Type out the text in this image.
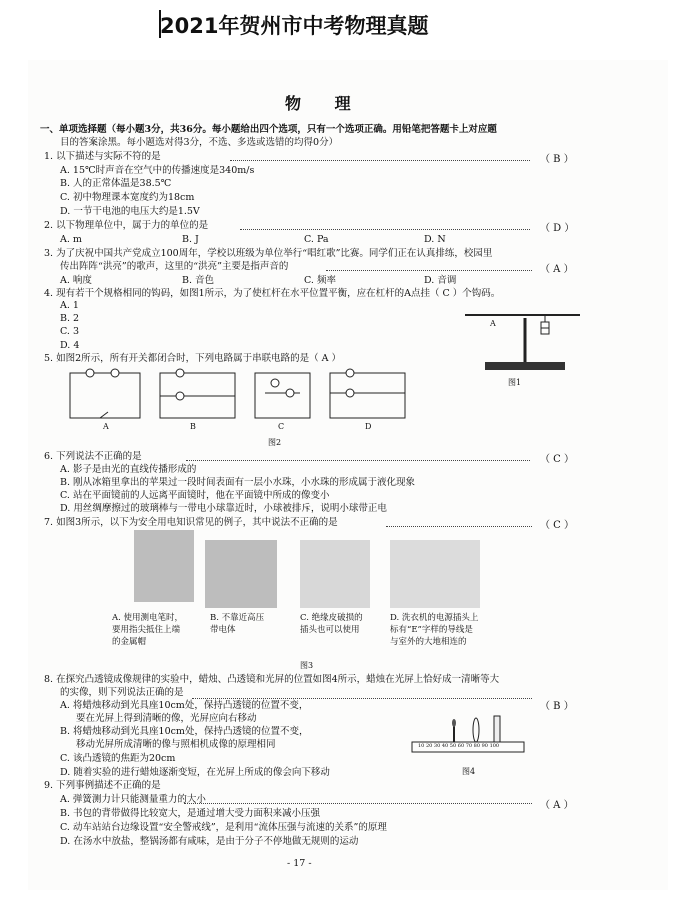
2021年贺州市中考物理真题
物 理
一、单项选择题（每小题3分，共36分。每小题给出四个选项，只有一个选项正确。用铅笔把答题卡上对应题
目的答案涂黑。每小题选对得3分，不选、多选或选错的均得0分）
1. 以下描述与实际不符的是	（ B ）
A. 15℃时声音在空气中的传播速度是340m/s
B. 人的正常体温是38.5℃
C. 初中物理课本宽度约为18cm
D. 一节干电池的电压大约是1.5V
2. 以下物理单位中，属于力的单位的是	（ D ）
A. m	B. J	C. Pa	D. N
3. 为了庆祝中国共产党成立100周年，学校以班级为单位举行“唱红歌”比赛。同学们正在认真排练，校园里
传出阵阵“洪亮”的歌声，这里的“洪亮”主要是指声音的	（ A ）
A. 响度	B. 音色	C. 频率	D. 音调
4. 现有若干个规格相同的钩码，如图1所示，为了使杠杆在水平位置平衡，应在杠杆的A点挂（ C ）个钩码。
A. 1
B. 2
C. 3
D. 4
A
图1
5. 如图2所示，所有开关都闭合时，下列电路属于串联电路的是（ A ）
A	B	C	D
图2
6. 下列说法不正确的是	（ C ）
A. 影子是由光的直线传播形成的
B. 刚从冰箱里拿出的苹果过一段时间表面有一层小水珠，小水珠的形成属于液化现象
C. 站在平面镜前的人远离平面镜时，他在平面镜中所成的像变小
D. 用丝绸摩擦过的玻璃棒与一带电小球靠近时，小球被排斥，说明小球带正电
7. 如图3所示，以下为安全用电知识常见的例子，其中说法不正确的是	（ C ）
A. 使用测电笔时，
要用指尖抵住上端
的金属帽
B. 不靠近高压
带电体
C. 绝缘皮破损的
插头也可以使用
D. 洗衣机的电源插头上
标有“E”字样的导线是
与室外的大地相连的
图3
8. 在探究凸透镜成像规律的实验中，蜡烛、凸透镜和光屏的位置如图4所示，蜡烛在光屏上恰好成一清晰等大
的实像，则下列说法正确的是
（ B ）
A. 将蜡烛移动到光具座10cm处，保持凸透镜的位置不变，
要在光屏上得到清晰的像，光屏应向右移动
B. 将蜡烛移动到光具座10cm处，保持凸透镜的位置不变，
移动光屏所成清晰的像与照相机成像的原理相同
C. 该凸透镜的焦距为20cm
D. 随着实验的进行蜡烛逐渐变短，在光屏上所成的像会向下移动
10 20 30 40 50 60 70 80 90 100
图4
9. 下列事例描述不正确的是
（ A ）
A. 弹簧测力计只能测量重力的大小
B. 书包的背带做得比较宽大，是通过增大受力面积来减小压强
C. 动车站站台边缘设置“安全警戒线”，是利用“流体压强与流速的关系”的原理
D. 在汤水中放盐，整锅汤都有咸味，是由于分子不停地做无规则的运动
- 17 -
